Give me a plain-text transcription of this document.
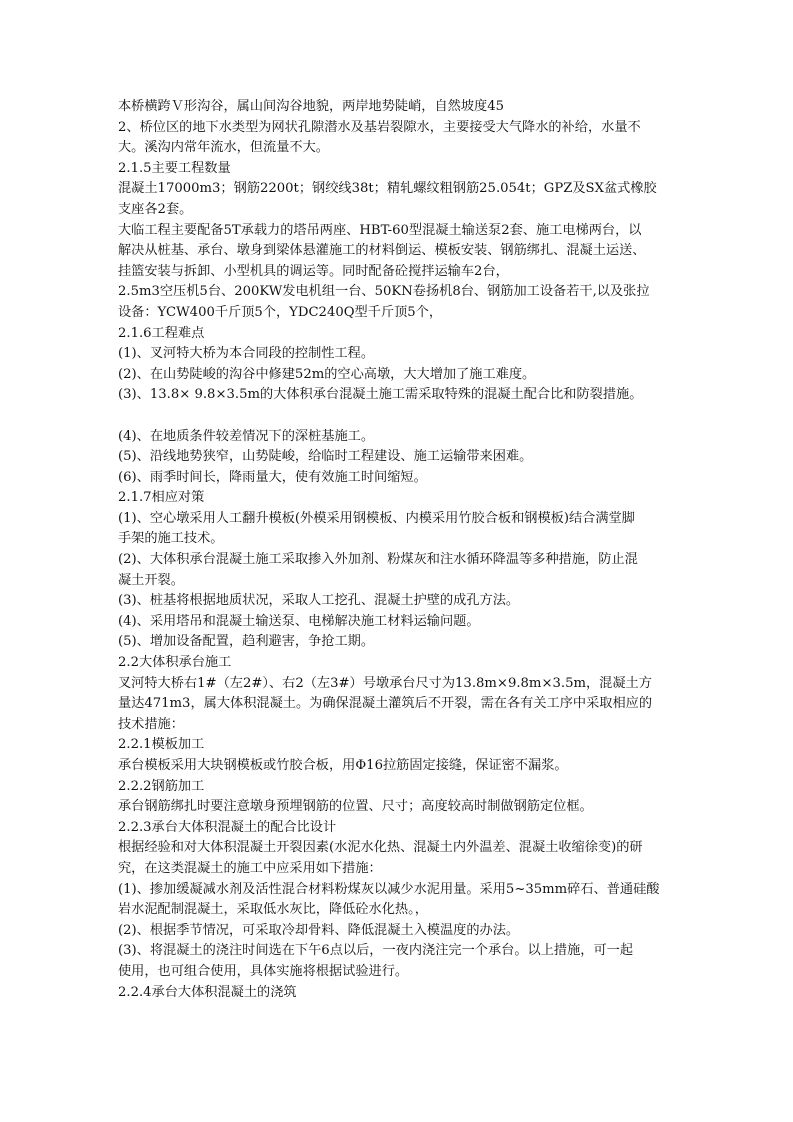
本桥横跨Ｖ形沟谷，属山间沟谷地貌，两岸地势陡峭，自然坡度45
2、桥位区的地下水类型为网状孔隙潜水及基岩裂隙水，主要接受大气降水的补给，水量不
大。溪沟内常年流水，但流量不大。
2.1.5主要工程数量
混凝土17000m3；钢筋2200t；钢绞线38t；精轧螺纹粗钢筋25.054t；GPZ及SX盆式橡胶
支座各2套。
大临工程主要配备5T承载力的塔吊两座、HBT-60型混凝土输送泵2套、施工电梯两台，以
解决从桩基、承台、墩身到梁体悬灌施工的材料倒运、模板安装、钢筋绑扎、混凝土运送、
挂篮安装与拆卸、小型机具的调运等。同时配备砼搅拌运输车2台，
2.5m3空压机5台、200KW发电机组一台、50KN卷扬机8台、钢筋加工设备若干,以及张拉
设备：YCW400千斤顶5个，YDC240Q型千斤顶5个，
2.1.6工程难点
(1)、叉河特大桥为本合同段的控制性工程。
(2)、在山势陡峻的沟谷中修建52m的空心高墩，大大增加了施工难度。
(3)、13.8× 9.8×3.5m的大体积承台混凝土施工需采取特殊的混凝土配合比和防裂措施。
(4)、在地质条件较差情况下的深桩基施工。
(5)、沿线地势狭窄，山势陡峻，给临时工程建设、施工运输带来困难。
(6)、雨季时间长，降雨量大，使有效施工时间缩短。
2.1.7相应对策
(1)、空心墩采用人工翻升模板(外模采用钢模板、内模采用竹胶合板和钢模板)结合满堂脚
手架的施工技术。
(2)、大体积承台混凝土施工采取掺入外加剂、粉煤灰和注水循环降温等多种措施，防止混
凝土开裂。
(3)、桩基将根据地质状况，采取人工挖孔、混凝土护壁的成孔方法。
(4)、采用塔吊和混凝土输送泵、电梯解决施工材料运输问题。
(5)、增加设备配置，趋利避害，争抢工期。
2.2大体积承台施工
叉河特大桥右1#（左2#）、右2（左3#）号墩承台尺寸为13.8m×9.8m×3.5m，混凝土方
量达471m3，属大体积混凝土。为确保混凝土灌筑后不开裂，需在各有关工序中采取相应的
技术措施：
2.2.1模板加工
承台模板采用大块钢模板或竹胶合板，用Φ16拉筋固定接缝，保证密不漏浆。
2.2.2钢筋加工
承台钢筋绑扎时要注意墩身预埋钢筋的位置、尺寸；高度较高时制做钢筋定位框。
2.2.3承台大体积混凝土的配合比设计
根据经验和对大体积混凝土开裂因素(水泥水化热、混凝土内外温差、混凝土收缩徐变)的研
究，在这类混凝土的施工中应采用如下措施：
(1)、掺加缓凝减水剂及活性混合材料粉煤灰以减少水泥用量。采用5~35mm碎石、普通硅酸
岩水泥配制混凝土，采取低水灰比，降低砼水化热。，
(2)、根据季节情况，可采取冷却骨料、降低混凝土入模温度的办法。
(3)、将混凝土的浇注时间选在下午6点以后，一夜内浇注完一个承台。以上措施，可一起
使用，也可组合使用，具体实施将根据试验进行。
2.2.4承台大体积混凝土的浇筑
